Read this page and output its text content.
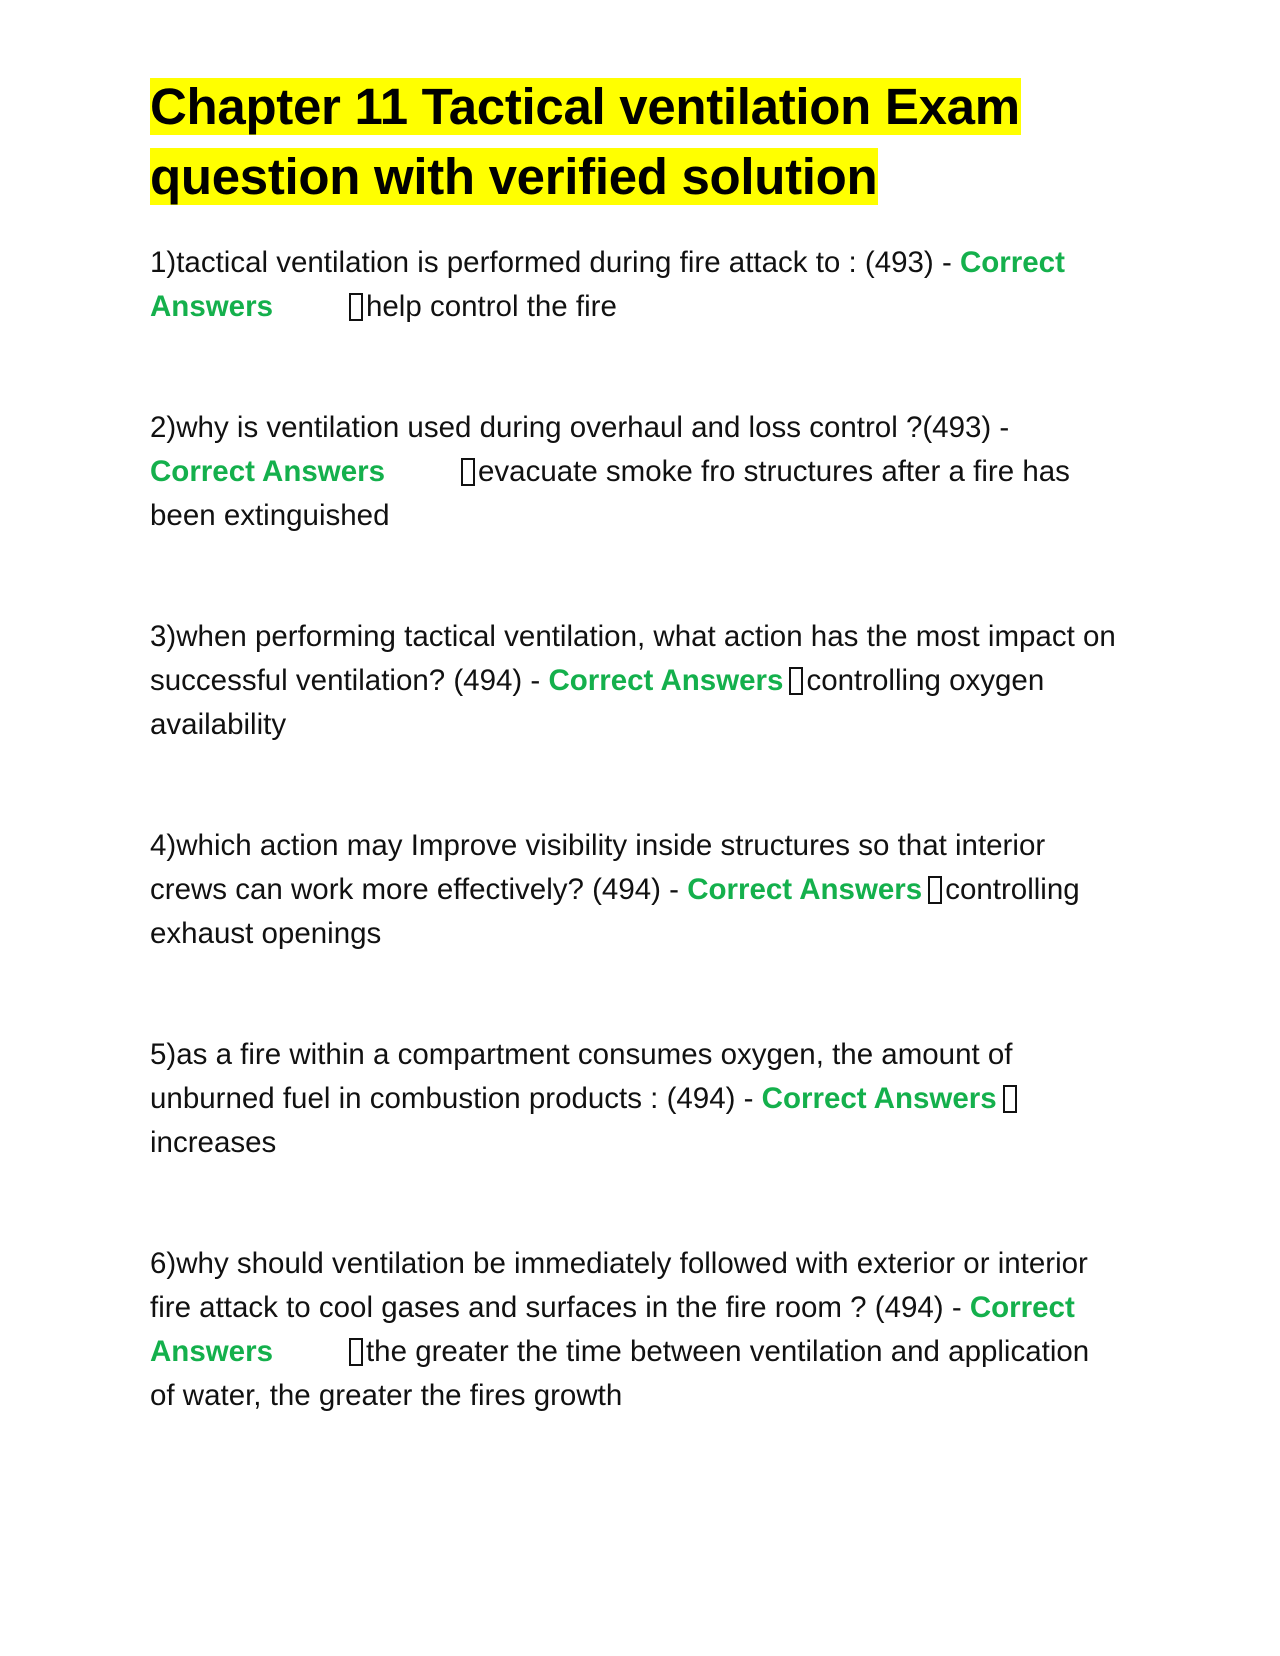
Chapter 11 Tactical ventilation Exam
question with verified solution

1)tactical ventilation is performed during fire attack to : (493) - Correct Answers	help control the fire

2)why is ventilation used during overhaul and loss control ?(493) - Correct Answers	evacuate smoke fro structures after a fire has been extinguished

3)when performing tactical ventilation, what action has the most impact on successful ventilation? (494) - Correct Answers controlling oxygen availability

4)which action may Improve visibility inside structures so that interior crews can work more effectively? (494) - Correct Answers controlling exhaust openings

5)as a fire within a compartment consumes oxygen, the amount of unburned fuel in combustion products : (494) - Correct Answersincreases

6)why should ventilation be immediately followed with exterior or interior fire attack to cool gases and surfaces in the fire room ? (494) - Correct Answers	the greater the time between ventilation and application of water, the greater the fires growth
